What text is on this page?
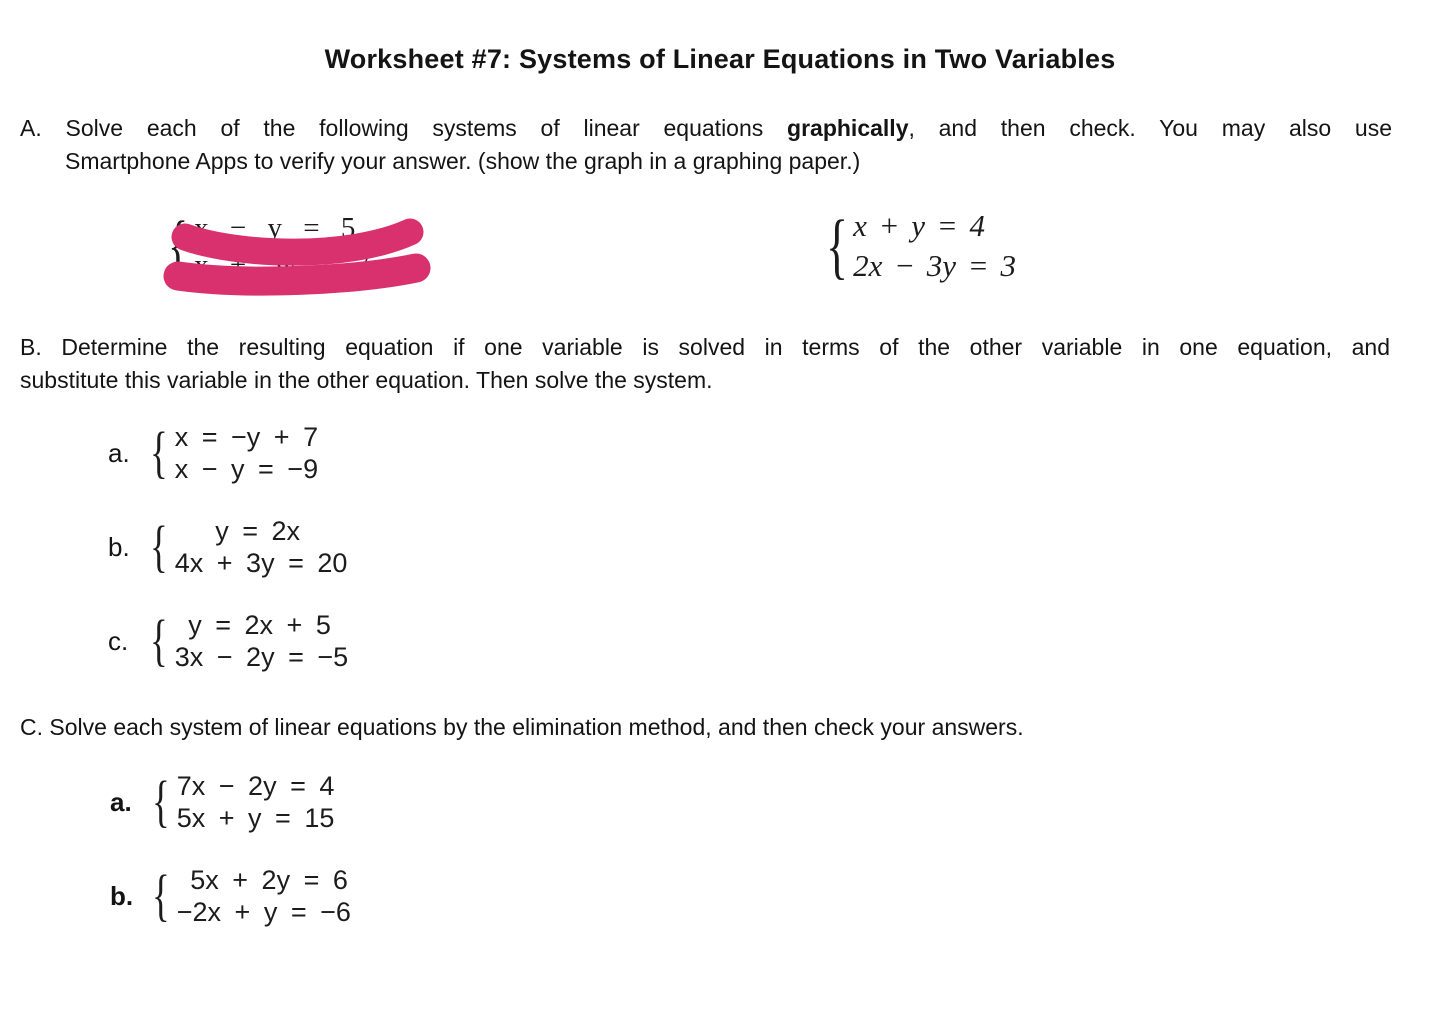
Worksheet #7: Systems of Linear Equations in Two Variables
A. Solve each of the following systems of linear equations graphically, and then check. You may also use
Smartphone Apps to verify your answer. (show the graph in a graphing paper.)
{ x − y = 5
x + 5y = 7	{ x + y = 4
2x − 3y = 3
B. Determine the resulting equation if one variable is solved in terms of the other variable in one equation, and
substitute this variable in the other equation. Then solve the system.
a. { x = −y + 7
x − y = −9
b. {    y = 2x
4x + 3y = 20
c. {  y = 2x + 5
3x − 2y = −5
C. Solve each system of linear equations by the elimination method, and then check your answers.
a. { 7x − 2y = 4
5x + y = 15
b. {  5x + 2y = 6
−2x + y = −6
